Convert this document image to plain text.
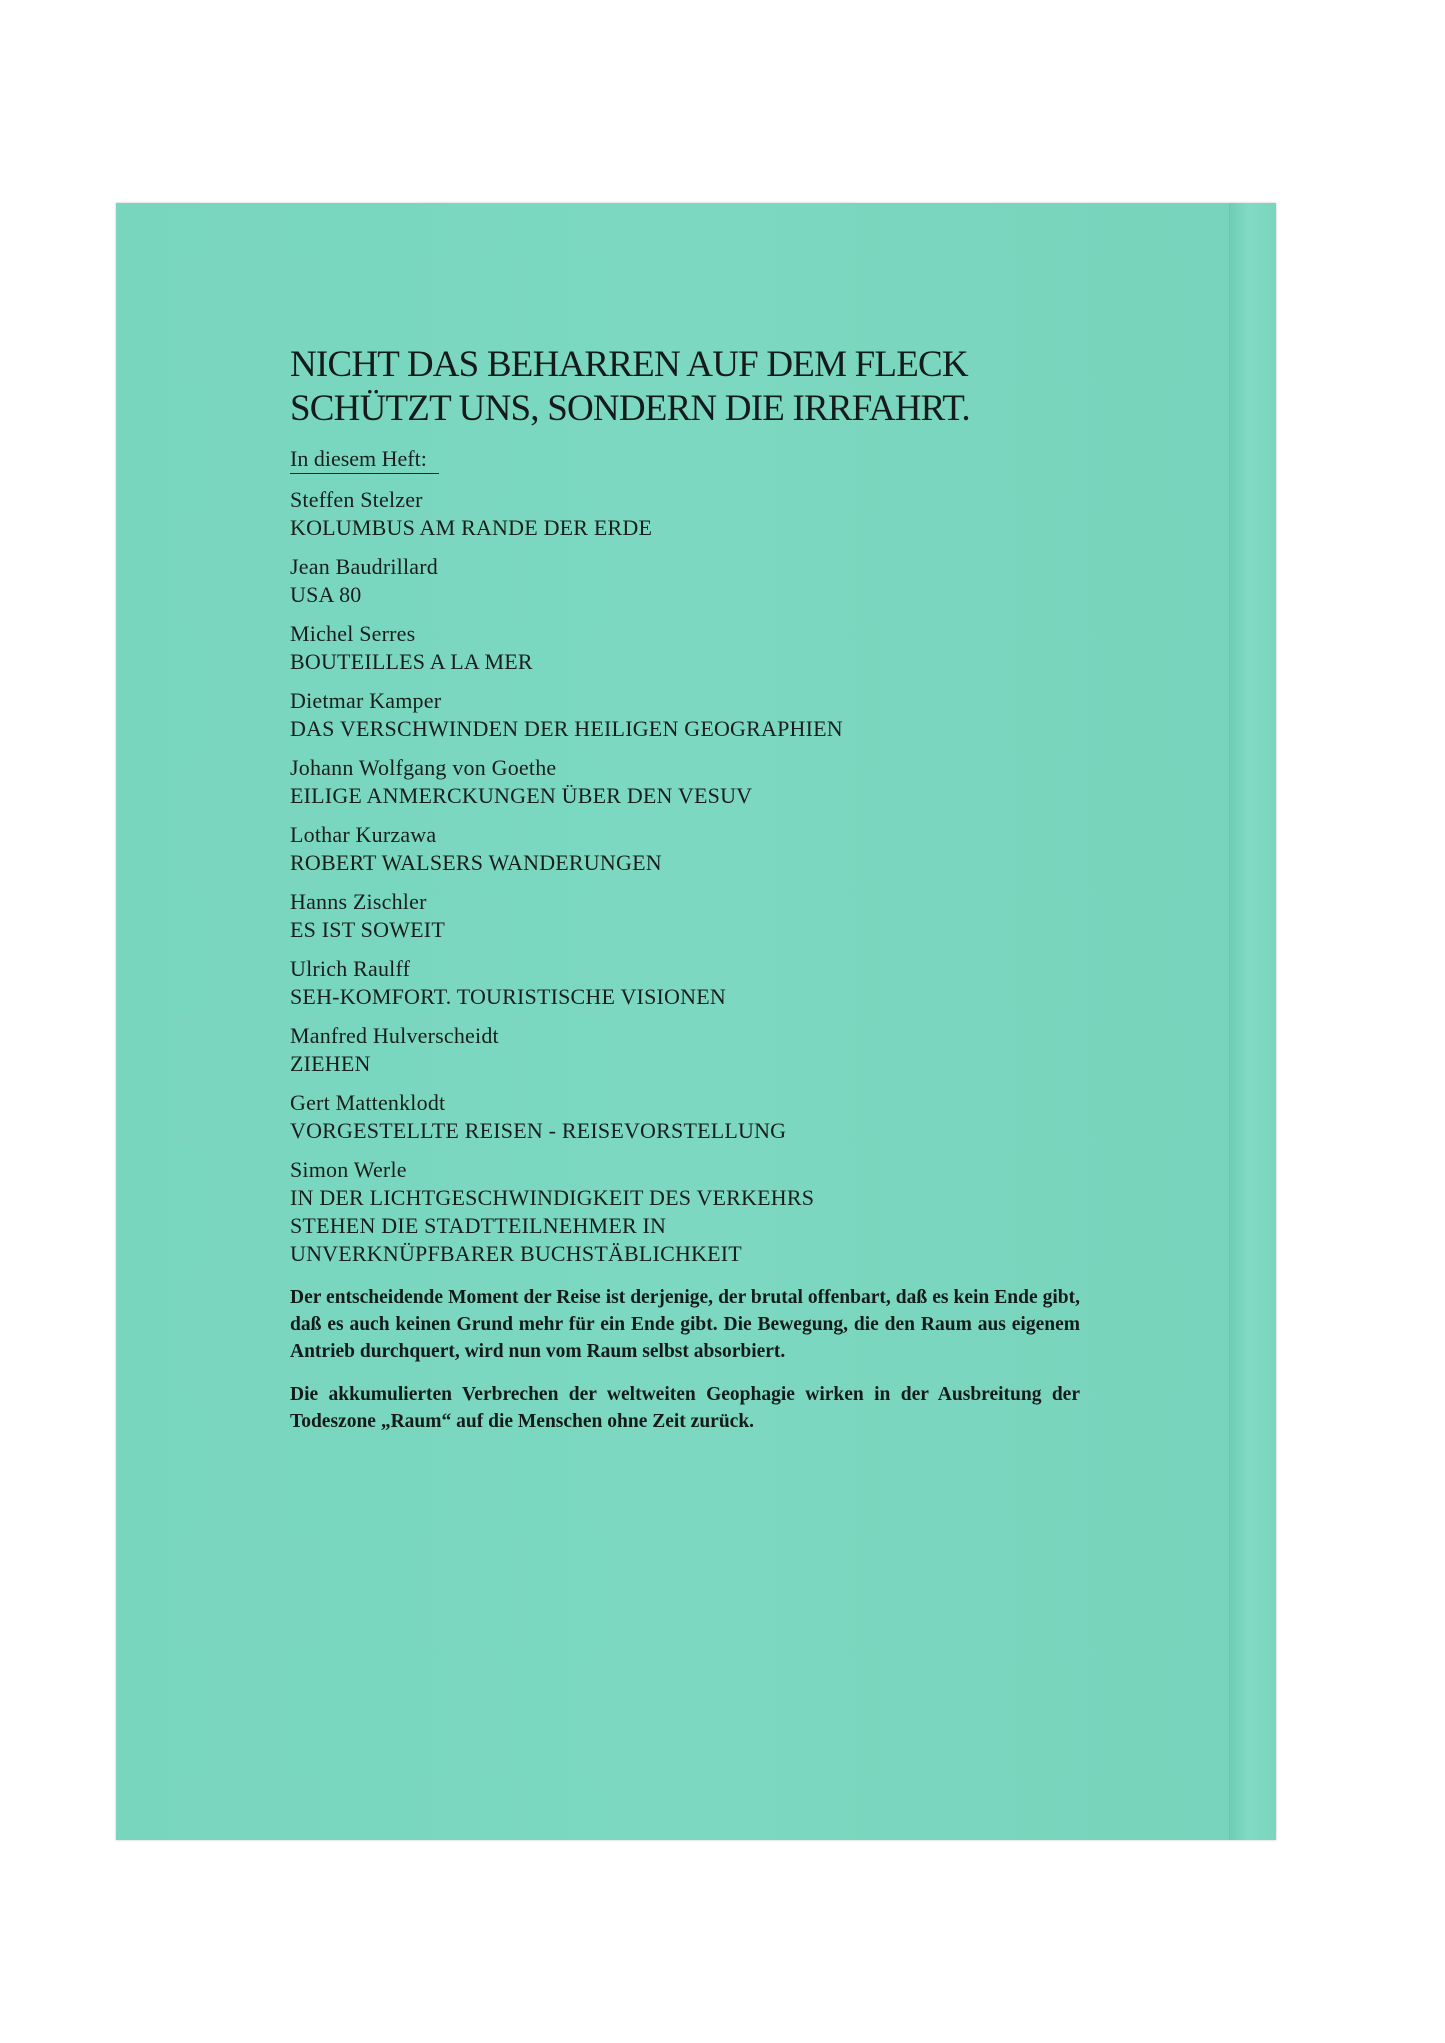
NICHT DAS BEHARREN AUF DEM FLECK
SCHÜTZT UNS, SONDERN DIE IRRFAHRT.
In diesem Heft:
Steffen Stelzer
KOLUMBUS AM RANDE DER ERDE
Jean Baudrillard
USA 80
Michel Serres
BOUTEILLES A LA MER
Dietmar Kamper
DAS VERSCHWINDEN DER HEILIGEN GEOGRAPHIEN
Johann Wolfgang von Goethe
EILIGE ANMERCKUNGEN ÜBER DEN VESUV
Lothar Kurzawa
ROBERT WALSERS WANDERUNGEN
Hanns Zischler
ES IST SOWEIT
Ulrich Raulff
SEH-KOMFORT. TOURISTISCHE VISIONEN
Manfred Hulverscheidt
ZIEHEN
Gert Mattenklodt
VORGESTELLTE REISEN - REISEVORSTELLUNG
Simon Werle
IN DER LICHTGESCHWINDIGKEIT DES VERKEHRS
STEHEN DIE STADTTEILNEHMER IN
UNVERKNÜPFBARER BUCHSTÄBLICHKEIT

Der entscheidende Moment der Reise ist derjenige, der brutal offenbart, daß es kein Ende gibt, daß es auch keinen Grund mehr für ein Ende gibt. Die Bewegung, die den Raum aus eigenem Antrieb durchquert, wird nun vom Raum selbst absorbiert.

Die akkumulierten Verbrechen der weltweiten Geophagie wirken in der Ausbreitung der Todeszone „Raum“ auf die Menschen ohne Zeit zurück.
